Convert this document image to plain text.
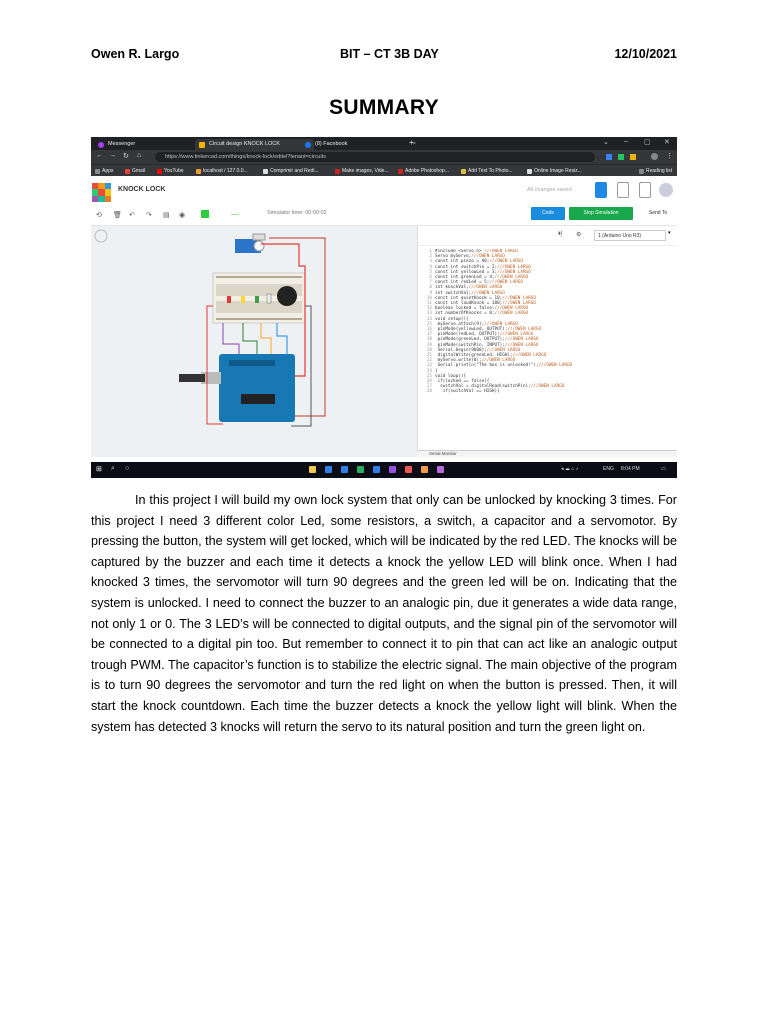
Owen R. Largo	BIT – CT 3B DAY	12/10/2021
SUMMARY
Messenger	Circuit design KNOCK LOCK	(8) Facebook	×
+	⌄ – ▢ ✕
← → ↻ ⌂	https://www.tinkercad.com/things/knock-lock/editel?tenant=circuits	⋮
Apps	Gmail	YouTube	localhost / 127.0.0...	Comprimir and Redi...	Make images, Vide...	Adobe Photoshop...	Add Text To Photo...	Online Image Resiz...	Reading list
KNOCK LOCK	All changes saved
⟲ 🗑 ↶ ↷ ▤ ◉	—·	Simulator time: 00:00:02	Code	Stop Simulation	Send To
⏵| ⚙	1 (Arduino Uno R3)	▾
1 #include <Servo.h> ///OWEN LARGO
2 Servo myServo;///OWEN LARGO
3 const int piezo = A0;///OWEN LARGO
4 const int switchPin = 2;///OWEN LARGO
5 const int yellowLed = 3;///OWEN LARGO
6 const int greenLed = 4;///OWEN LARGO
7 const int redLed = 5;///OWEN LARGO
8 int knockVal;///OWEN LARGO
9 int switchVal;///OWEN LARGO
10 const int quietKnock = 10;///OWEN LARGO
11 const int loudKnock = 100;///OWEN LARGO
12 boolean locked = false;///OWEN LARGO
13 int numberOfKnocks = 0;///OWEN LARGO
14 void setup(){
15 myServo.attach(9);///OWEN LARGO
16 pinMode(yellowLed, OUTPUT);///OWEN LARGO
17 pinMode(redLed, OUTPUT);///OWEN LARGO
18 pinMode(greenLed, OUTPUT);///OWEN LARGO
19 pinMode(switchPin, INPUT);///OWEN LARGO
20 Serial.begin(9600);///OWEN LARGO
21 digitalWrite(greenLed, HIGH);///OWEN LARGO
22 myServo.write(0);///OWEN LARGO
23 Serial.println("The box is unlocked!");///OWEN LARGO
24 }
25 void loop(){
26 if(locked == false){
27  switchVal = digitalRead(switchPin);///OWEN LARGO
28   if(switchVal == HIGH){
Serial Monitor
⊞ ⌕ ○	◂ ☁ ⌂ ♪	ENG 8:04 PM	▭

In this project I will build my own lock system that only can be unlocked by knocking 3 times. For this project I need 3 different color Led, some resistors, a switch, a capacitor and a servomotor. By pressing the button, the system will get locked, which will be indicated by the red LED. The knocks will be captured by the buzzer and each time it detects a knock the yellow LED will blink once. When I had knocked 3 times, the servomotor will turn 90 degrees and the green led will be on. Indicating that the system is unlocked. I need to connect the buzzer to an analogic pin, due it generates a wide data range, not only 1 or 0. The 3 LED’s will be connected to digital outputs, and the signal pin of the servomotor will be connected to a digital pin too. But remember to connect it to pin that can act like an analogic output trough PWM. The capacitor’s function is to stabilize the electric signal. The main objective of the program is to turn 90 degrees the servomotor and turn the red light on when the button is pressed. Then, it will start the knock countdown. Each time the buzzer detects a knock the yellow light will blink. When the system has detected 3 knocks will return the servo to its natural position and turn the green light on.
